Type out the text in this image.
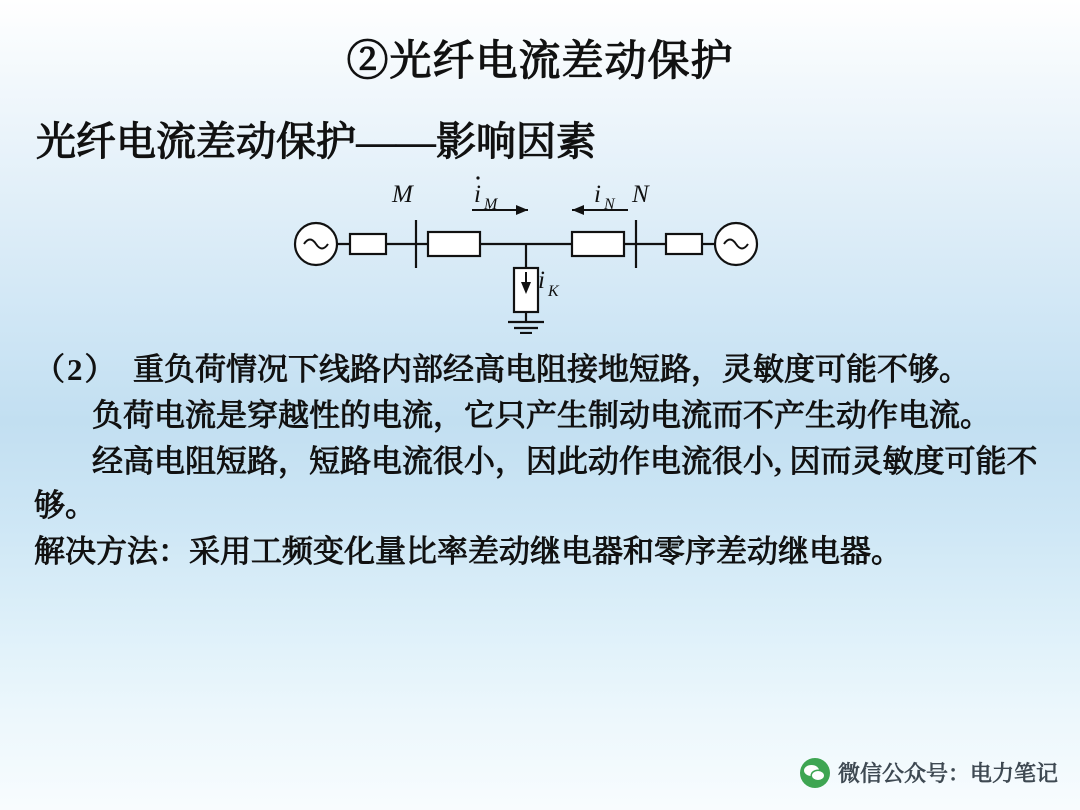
②光纤电流差动保护
光纤电流差动保护——影响因素
M	N
i M	i N
i K

（2）　重负荷情况下线路内部经高电阻接地短路，灵敏度可能不够。

负荷电流是穿越性的电流，它只产生制动电流而不产生动作电流。

经高电阻短路，短路电流很小，因此动作电流很小, 因而灵敏度可能不够。

解决方法：采用工频变化量比率差动继电器和零序差动继电器。

微信公众号：电力笔记
